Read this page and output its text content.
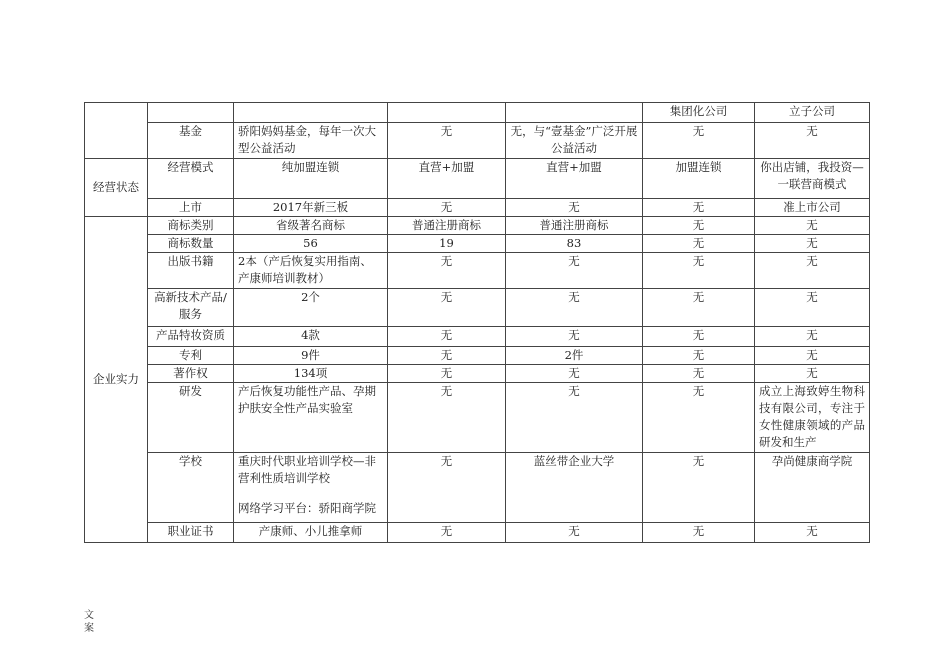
					集团化公司	立子公司
	基金	骄阳妈妈基金，每年一次大型公益活动	无	无，与“壹基金”广泛开展公益活动	无	无
经营状态	经营模式	纯加盟连锁	直营+加盟	直营+加盟	加盟连锁	你出店铺，我投资—一联营商模式
	上市	2017年新三板	无	无	无	准上市公司
企业实力	商标类别	省级著名商标	普通注册商标	普通注册商标	无	无
	商标数量	56	19	83	无	无
	出版书籍	2本（产后恢复实用指南、产康师培训教材）	无	无	无	无
	高新技术产品/服务	2个	无	无	无	无
	产品特妆资质	4款	无	无	无	无
	专利	9件	无	2件	无	无
	著作权	134项	无	无	无	无
	研发	产后恢复功能性产品、孕期护肤安全性产品实验室	无	无	无	成立上海致婷生物科技有限公司，专注于女性健康领域的产品研发和生产
	学校	重庆时代职业培训学校—非营利性质培训学校
网络学习平台：骄阳商学院	无	蓝丝带企业大学	无	孕尚健康商学院
	职业证书	产康师、小儿推拿师	无	无	无	无
文案
